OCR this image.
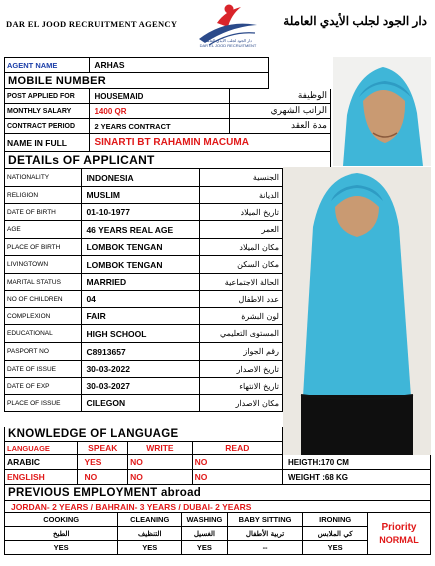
DAR EL JOOD RECRUITMENT AGENCY
دار الجود لجلب الأيدي العاملة
DAR EL JOOD RECRUITMENT
دار الجود لجلب الأيدي العاملة
AGENT NAME	ARHAS
MOBILE NUMBER
POST APPLIED FOR	HOUSEMAID	الوظيفة
MONTHLY SALARY	1400 QR	الراتب الشهري
CONTRACT PERIOD	2 YEARS CONTRACT	مدة العقد
NAME IN FULL	SINARTI BT RAHAMIN MACUMA
DETAILs OF APPLICANT
NATIONALITY	INDONESIA	الجنسية
RELIGION	MUSLIM	الديانة
DATE OF BIRTH	01-10-1977	تاريخ الميلاد
AGE	46 YEARS REAL AGE	العمر
PLACE OF BIRTH	LOMBOK TENGAN	مكان الميلاد
LIVINGTOWN	LOMBOK TENGAN	مكان السكن
MARITAL STATUS	MARRIED	الحالة الاجتماعية
NO OF CHILDREN	04	عدد الاطفال
COMPLEXION	FAIR	لون البشرة
EDUCATIONAL	HIGH SCHOOL	المستوى التعليمي
PASPORT NO	C8913657	رقم الجواز
DATE OF ISSUE	30-03-2022	تاريخ الاصدار
DATE OF EXP	30-03-2027	تاريخ الانتهاء
PLACE OF ISSUE	CILEGON	مكان الاصدار
KNOWLEDGE OF LANGUAGE
LANGUAGE	SPEAK	WRITE	READ
ARABIC	YES	NO	NO
ENGLISH	NO	NO	NO
HEIGTH:170 CM
WEIGHT :68 KG
PREVIOUS EMPLOYMENT abroad
JORDAN- 2 YEARS / BAHRAIN- 3 YEARS / DUBAI- 2 YEARS
COOKING	CLEANING	WASHING	BABY SITTING	IRONING
الطبخ	التنظيف	الغسيل	تربية الأطفال	كي الملابس
YES	YES	YES	--	YES
Priority
NORMAL
